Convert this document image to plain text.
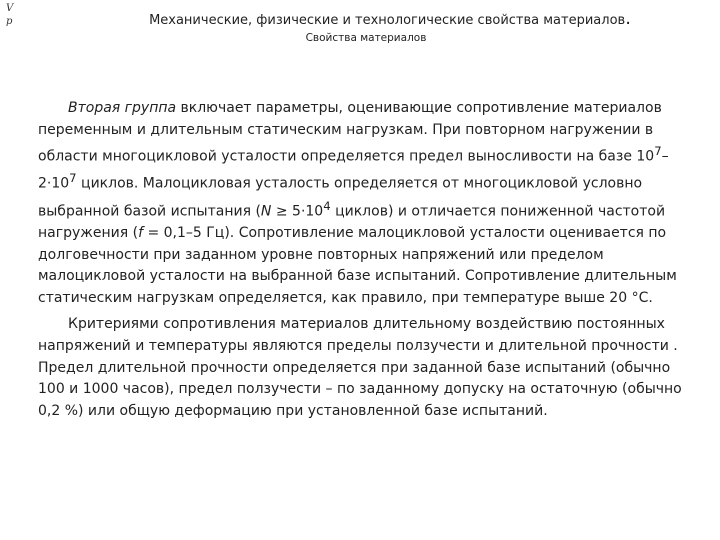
V
p	Механические, физические и технологические свойства материалов.
Свойства материалов

Вторая группа включает параметры, оценивающие сопротивление материалов переменным и длительным статическим нагрузкам. При повторном нагружении в области многоцикловой усталости определяется предел выносливости на базе $10^7-$ $2\cdot 10^7$ циклов. Малоцикловая усталость определяется от многоцикловой условно выбранной базой испытания ($N \ge 5\cdot 10^4$ циклов) и отличается пониженной частотой нагружения (f = 0,1–5 Гц). Сопротивление малоцикловой усталости оценивается по долговечности при заданном уровне повторных напряжений или пределом малоцикловой усталости на выбранной базе испытаний. Сопротивление длительным статическим нагрузкам определяется, как правило, при температуре выше 20 °С.

Критериями сопротивления материалов длительному воздействию постоянных напряжений и температуры являются пределы ползучести и длительной прочности . Предел длительной прочности определяется при заданной базе испытаний (обычно 100 и 1000 часов), предел ползучести – по заданному допуску на остаточную (обычно 0,2 %) или общую деформацию при установленной базе испытаний.
